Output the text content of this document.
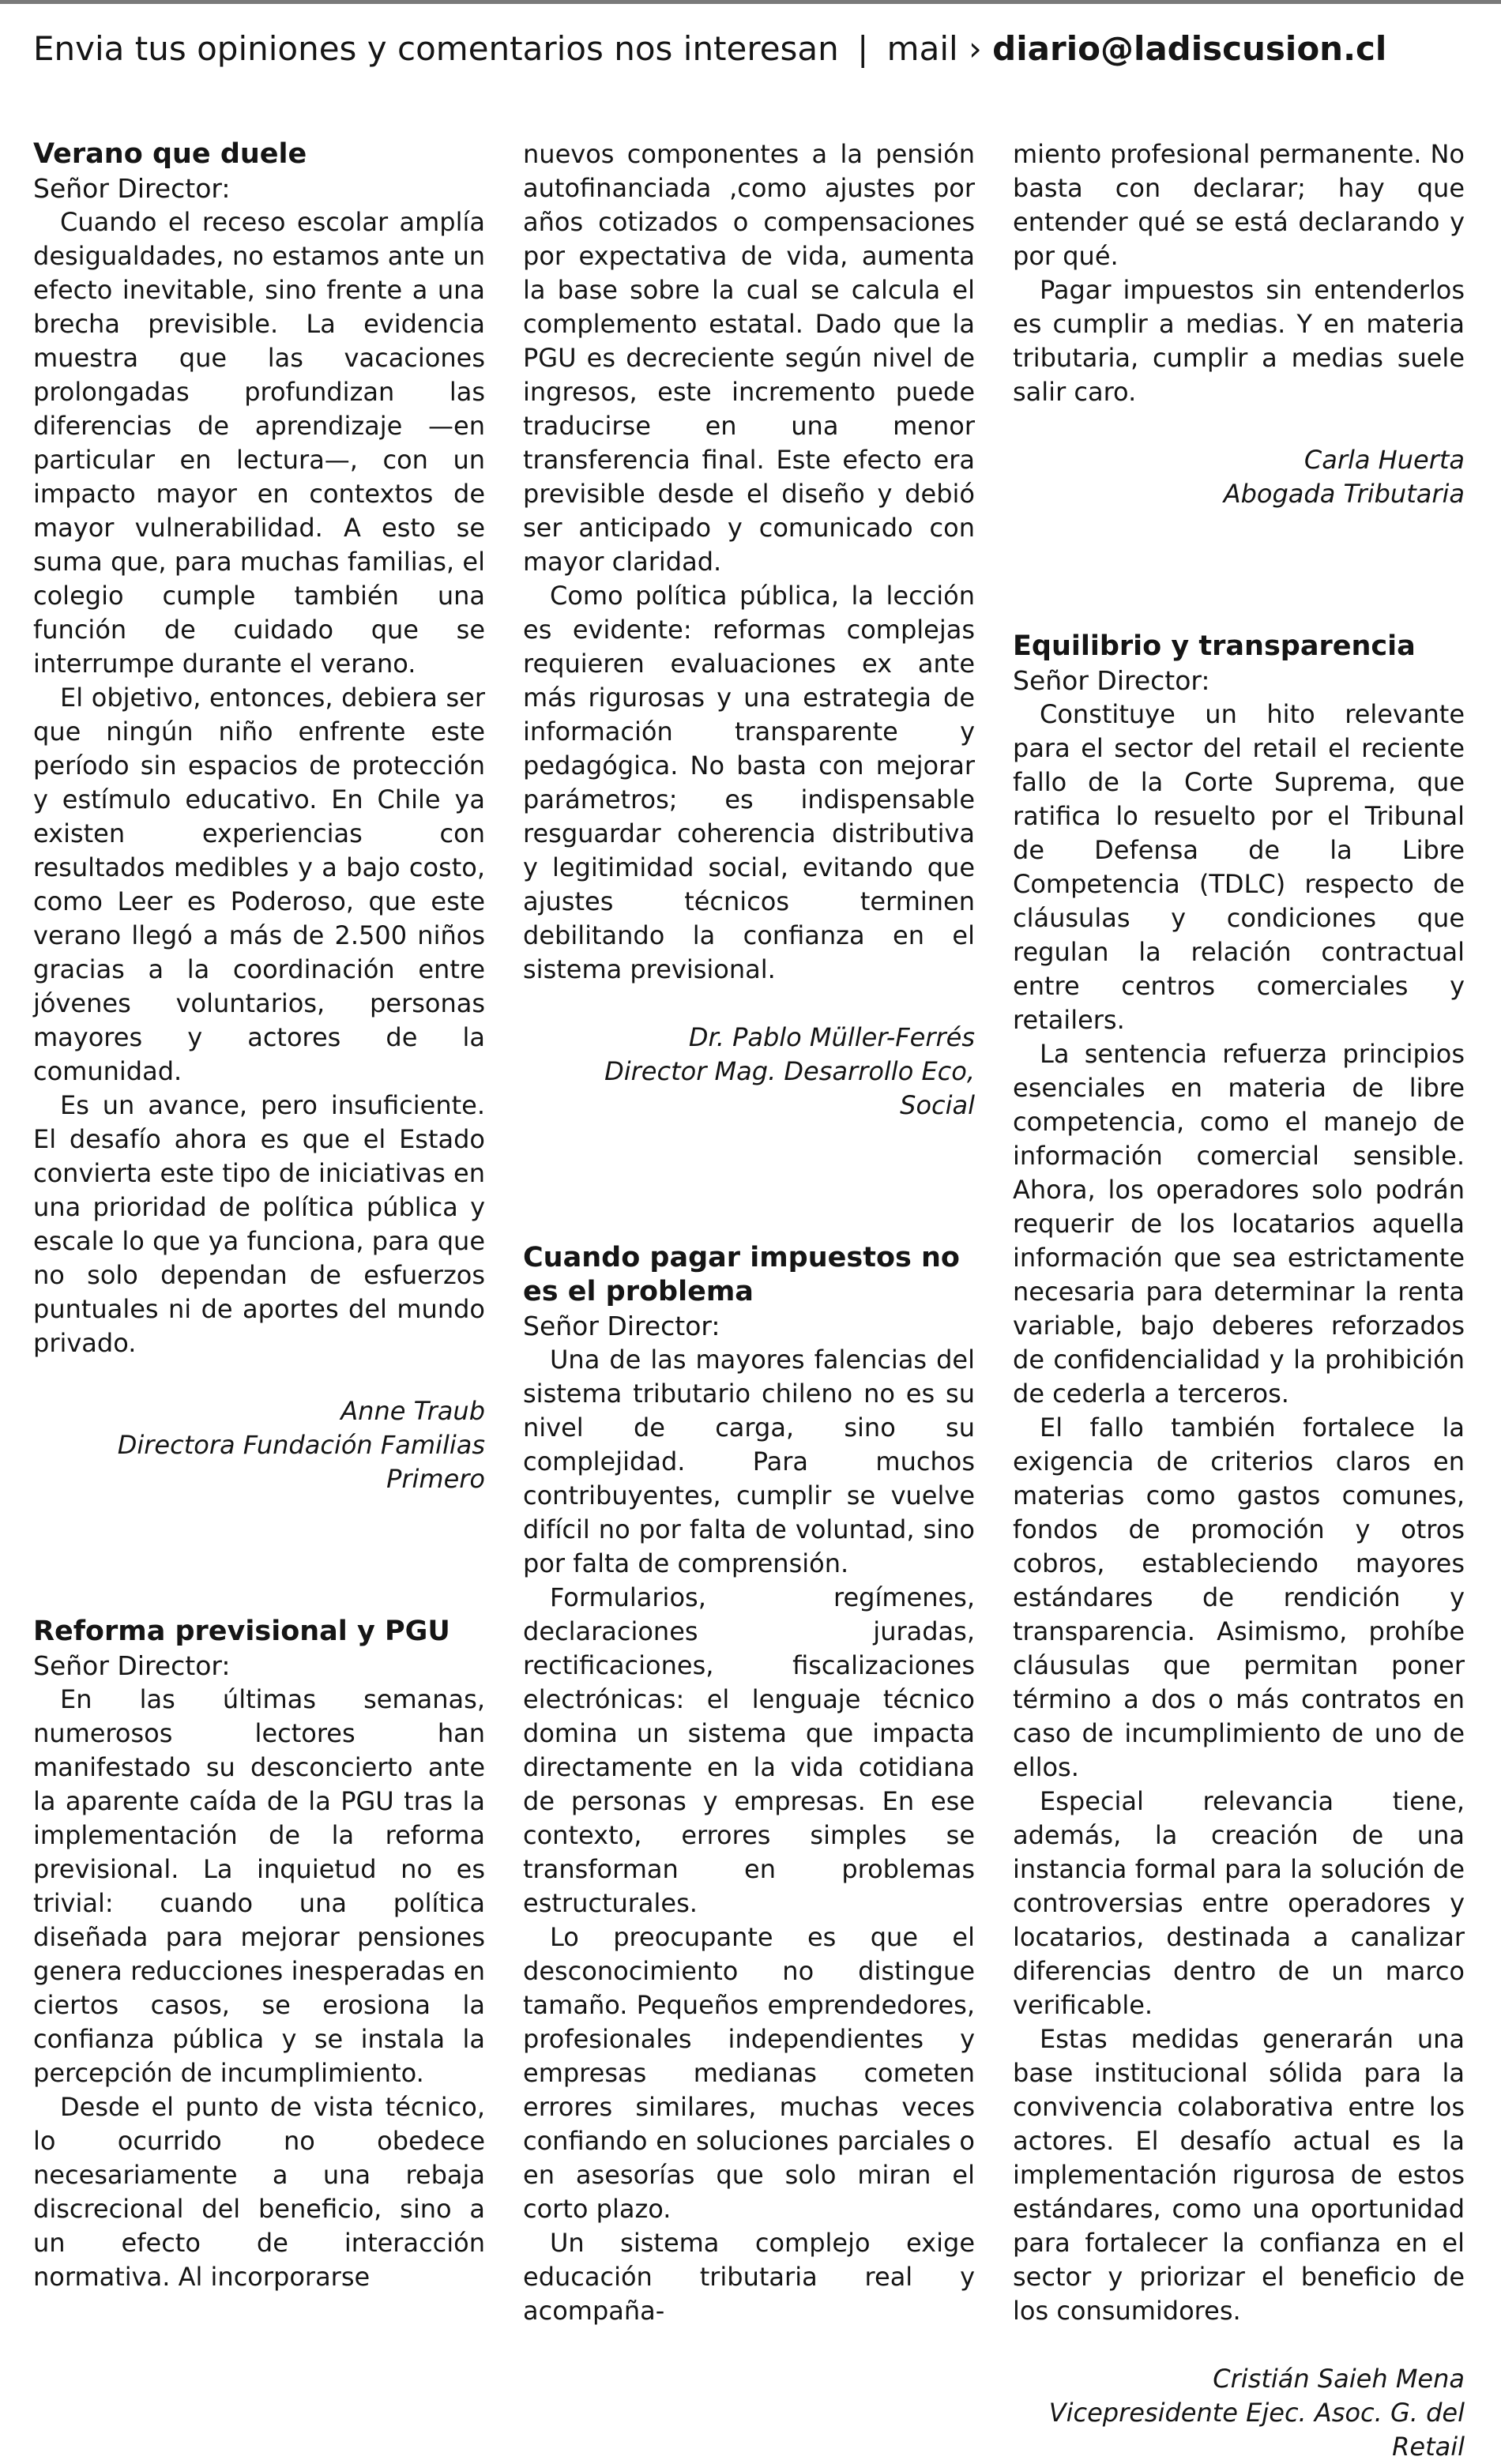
Envia tus opiniones y comentarios nos interesan | mail › diario@ladiscusion.cl

Verano que duele

Señor Director:

Cuando el receso escolar amplía desigualdades, no estamos ante un efecto inevitable, sino frente a una brecha previsible. La evidencia muestra que las vacaciones prolongadas profundizan las diferencias de aprendizaje —en particular en lectura—, con un impacto mayor en contextos de mayor vulnerabilidad. A esto se suma que, para muchas familias, el colegio cumple también una función de cuidado que se interrumpe durante el verano.

El objetivo, entonces, debiera ser que ningún niño enfrente este período sin espacios de protección y estímulo educativo. En Chile ya existen experiencias con resultados medibles y a bajo costo, como Leer es Poderoso, que este verano llegó a más de 2.500 niños gracias a la coordinación entre jóvenes voluntarios, personas mayores y actores de la comunidad.

Es un avance, pero insuficiente. El desafío ahora es que el Estado convierta este tipo de iniciativas en una prioridad de política pública y escale lo que ya funciona, para que no solo dependan de esfuerzos puntuales ni de aportes del mundo privado.

Anne Traub

Directora Fundación Familias Primero

Reforma previsional y PGU

Señor Director:

En las últimas semanas, numerosos lectores han manifestado su desconcierto ante la aparente caída de la PGU tras la implementación de la reforma previsional. La inquietud no es trivial: cuando una política diseñada para mejorar pensiones genera reducciones inesperadas en ciertos casos, se erosiona la confianza pública y se instala la percepción de incumplimiento.

Desde el punto de vista técnico, lo ocurrido no obedece necesariamente a una rebaja discrecional del beneficio, sino a un efecto de interacción normativa. Al incorporarse

nuevos componentes a la pensión autofinanciada ,como ajustes por años cotizados o compensaciones por expectativa de vida, aumenta la base sobre la cual se calcula el complemento estatal. Dado que la PGU es decreciente según nivel de ingresos, este incremento puede traducirse en una menor transferencia final. Este efecto era previsible desde el diseño y debió ser anticipado y comunicado con mayor claridad.

Como política pública, la lección es evidente: reformas complejas requieren evaluaciones ex ante más rigurosas y una estrategia de información transparente y pedagógica. No basta con mejorar parámetros; es indispensable resguardar coherencia distributiva y legitimidad social, evitando que ajustes técnicos terminen debilitando la confianza en el sistema previsional.

Dr. Pablo Müller-Ferrés

Director Mag. Desarrollo Eco, Social

Cuando pagar impuestos no es el problema

Señor Director:

Una de las mayores falencias del sistema tributario chileno no es su nivel de carga, sino su complejidad. Para muchos contribuyentes, cumplir se vuelve difícil no por falta de voluntad, sino por falta de comprensión.

Formularios, regímenes, declaraciones juradas, rectificaciones, fiscalizaciones electrónicas: el lenguaje técnico domina un sistema que impacta directamente en la vida cotidiana de personas y empresas. En ese contexto, errores simples se transforman en problemas estructurales.

Lo preocupante es que el desconocimiento no distingue tamaño. Pequeños emprendedores, profesionales independientes y empresas medianas cometen errores similares, muchas veces confiando en soluciones parciales o en asesorías que solo miran el corto plazo.

Un sistema complejo exige educación tributaria real y acompaña-

miento profesional permanente. No basta con declarar; hay que entender qué se está declarando y por qué.

Pagar impuestos sin entenderlos es cumplir a medias. Y en materia tributaria, cumplir a medias suele salir caro.

Carla Huerta

Abogada Tributaria

Equilibrio y transparencia

Señor Director:

Constituye un hito relevante para el sector del retail el reciente fallo de la Corte Suprema, que ratifica lo resuelto por el Tribunal de Defensa de la Libre Competencia (TDLC) respecto de cláusulas y condiciones que regulan la relación contractual entre centros comerciales y retailers.

La sentencia refuerza principios esenciales en materia de libre competencia, como el manejo de información comercial sensible. Ahora, los operadores solo podrán requerir de los locatarios aquella información que sea estrictamente necesaria para determinar la renta variable, bajo deberes reforzados de confidencialidad y la prohibición de cederla a terceros.

El fallo también fortalece la exigencia de criterios claros en materias como gastos comunes, fondos de promoción y otros cobros, estableciendo mayores estándares de rendición y transparencia. Asimismo, prohíbe cláusulas que permitan poner término a dos o más contratos en caso de incumplimiento de uno de ellos.

Especial relevancia tiene, además, la creación de una instancia formal para la solución de controversias entre operadores y locatarios, destinada a canalizar diferencias dentro de un marco verificable.

Estas medidas generarán una base institucional sólida para la convivencia colaborativa entre los actores. El desafío actual es la implementación rigurosa de estos estándares, como una oportunidad para fortalecer la confianza en el sector y priorizar el beneficio de los consumidores.

Cristián Saieh Mena

Vicepresidente Ejec. Asoc. G. del Retail
